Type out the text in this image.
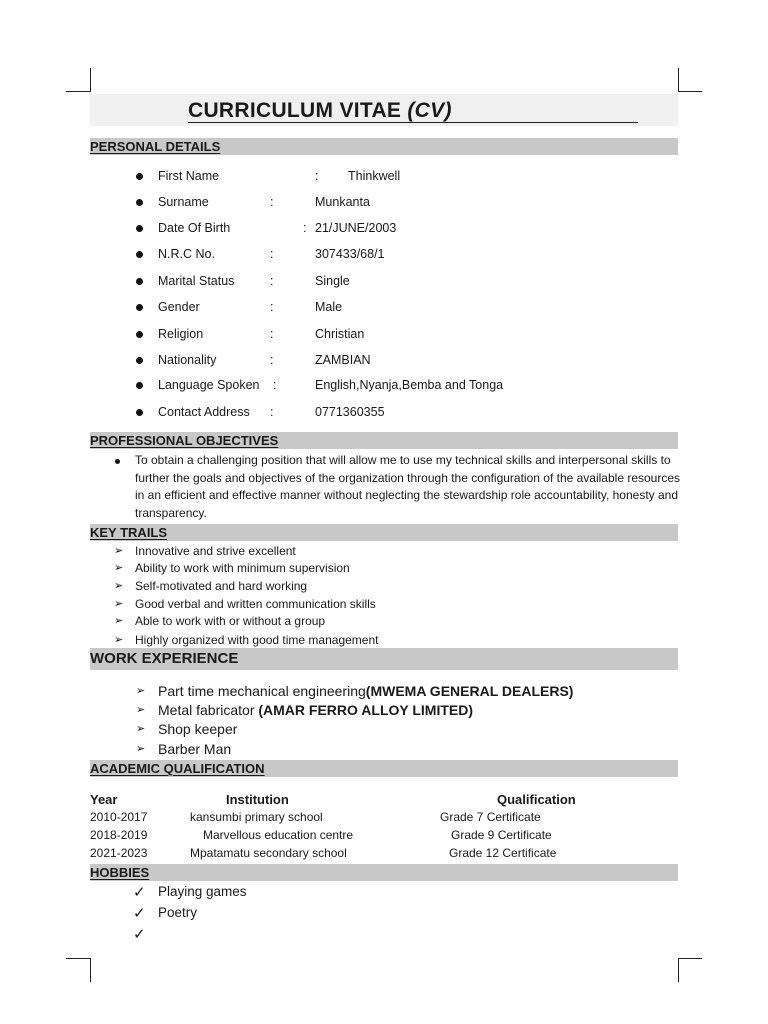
CURRICULUM VITAE (CV)
PERSONAL DETAILS
First Name	: Thinkwell
Surname	:	Munkanta
Date Of Birth	: 21/JUNE/2003
N.R.C No.	:	307433/68/1
Marital Status	:	Single
Gender	:	Male
Religion	:	Christian
Nationality	:	ZAMBIAN
Language Spoken :	English,Nyanja,Bemba and Tonga
Contact Address :	0771360355
PROFESSIONAL OBJECTIVES
To obtain a challenging position that will allow me to use my technical skills and interpersonal skills to further the goals and objectives of the organization through the configuration of the available resources in an efficient and effective manner without neglecting the stewardship role accountability, honesty and transparency.
KEY TRAILS
➢ Innovative and strive excellent
➢ Ability to work with minimum supervision
➢ Self-motivated and hard working
➢ Good verbal and written communication skills
➢ Able to work with or without a group
➢ Highly organized with good time management
WORK EXPERIENCE
➢ Part time mechanical engineering(MWEMA GENERAL DEALERS)
➢ Metal fabricator (AMAR FERRO ALLOY LIMITED)
➢ Shop keeper
➢ Barber Man
ACADEMIC QUALIFICATION
Year	Institution	Qualification
2010-2017	kansumbi primary school	Grade 7 Certificate
2018-2019	Marvellous education centre	Grade 9 Certificate
2021-2023	Mpatamatu secondary school	Grade 12 Certificate
HOBBIES
✓ Playing games
✓ Poetry
✓
